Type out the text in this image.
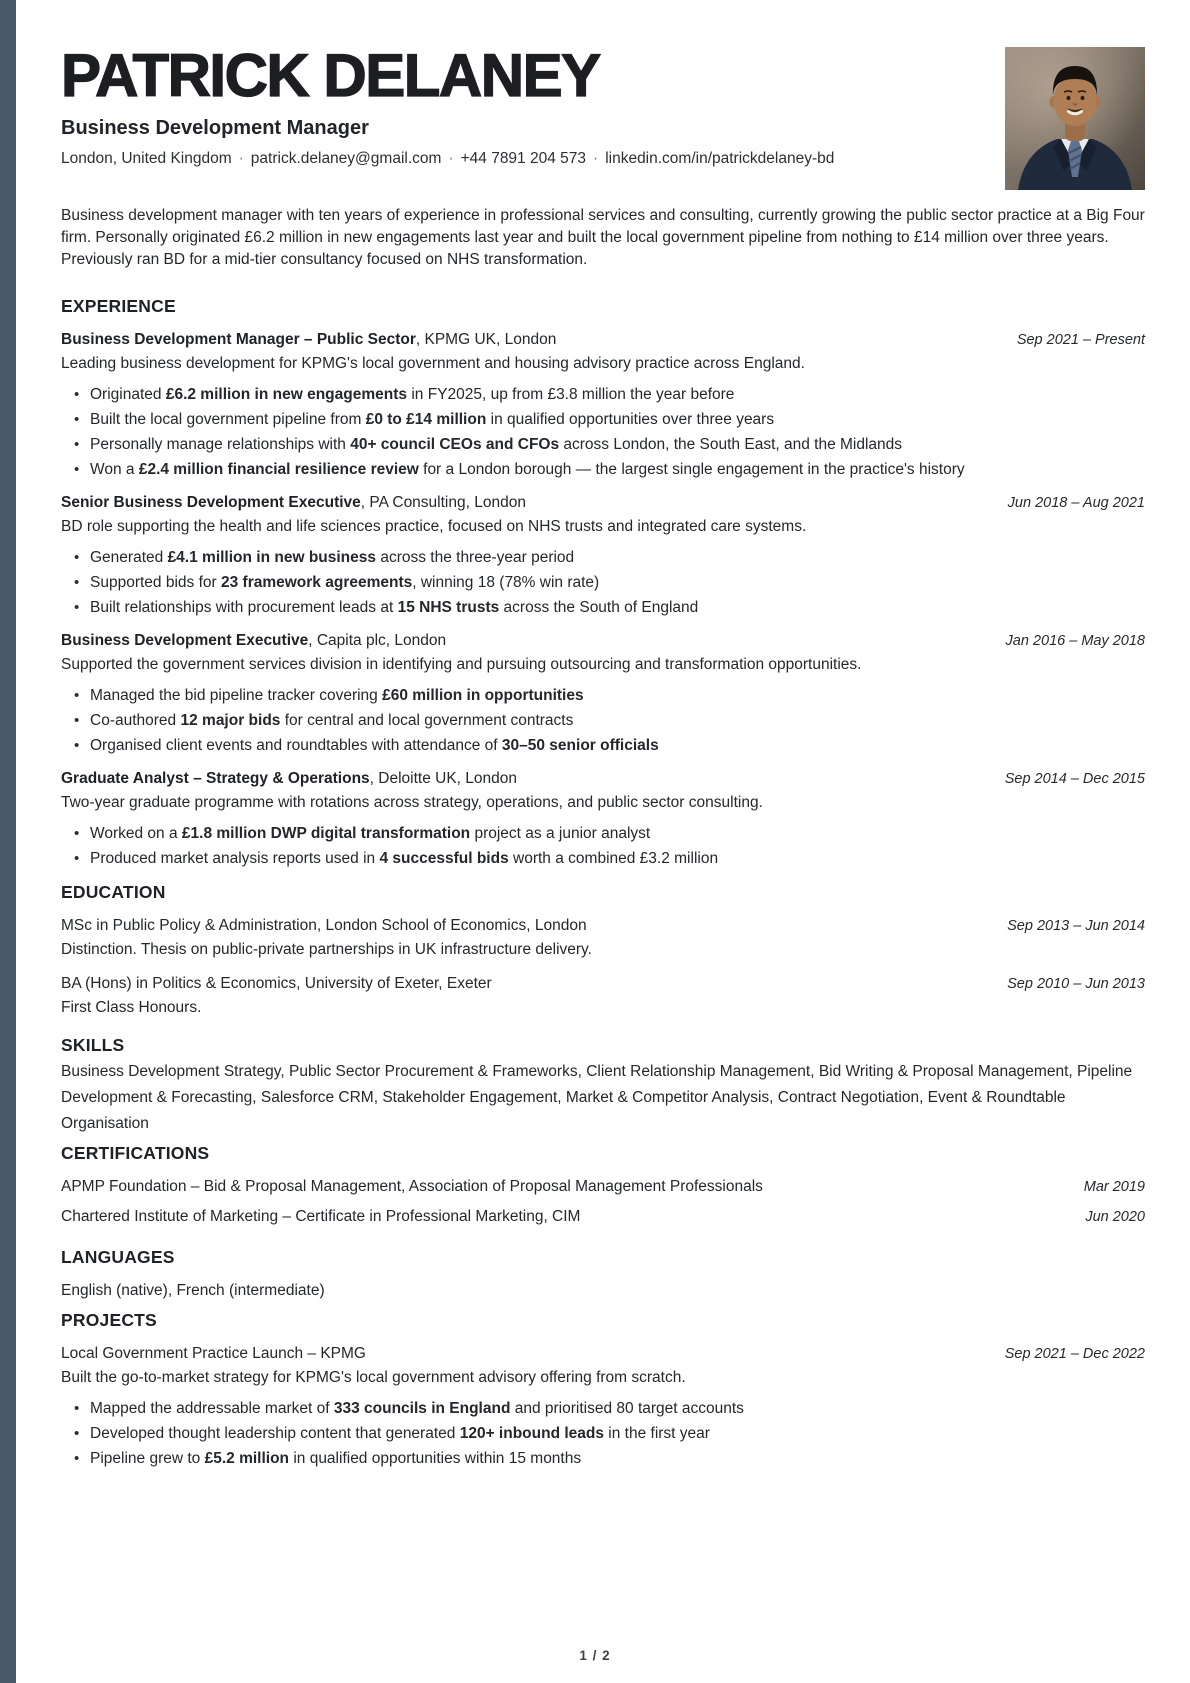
PATRICK DELANEY
Business Development Manager
London, United Kingdom · patrick.delaney@gmail.com · +44 7891 204 573 · linkedin.com/in/patrickdelaney-bd

Business development manager with ten years of experience in professional services and consulting, currently growing the public sector practice at a Big Four firm. Personally originated £6.2 million in new engagements last year and built the local government pipeline from nothing to £14 million over three years. Previously ran BD for a mid-tier consultancy focused on NHS transformation.

EXPERIENCE
Business Development Manager – Public Sector, KPMG UK, London	Sep 2021 – Present
Leading business development for KPMG's local government and housing advisory practice across England.
• Originated £6.2 million in new engagements in FY2025, up from £3.8 million the year before
• Built the local government pipeline from £0 to £14 million in qualified opportunities over three years
• Personally manage relationships with 40+ council CEOs and CFOs across London, the South East, and the Midlands
• Won a £2.4 million financial resilience review for a London borough — the largest single engagement in the practice's history
Senior Business Development Executive, PA Consulting, London	Jun 2018 – Aug 2021
BD role supporting the health and life sciences practice, focused on NHS trusts and integrated care systems.
• Generated £4.1 million in new business across the three-year period
• Supported bids for 23 framework agreements, winning 18 (78% win rate)
• Built relationships with procurement leads at 15 NHS trusts across the South of England
Business Development Executive, Capita plc, London	Jan 2016 – May 2018
Supported the government services division in identifying and pursuing outsourcing and transformation opportunities.
• Managed the bid pipeline tracker covering £60 million in opportunities
• Co-authored 12 major bids for central and local government contracts
• Organised client events and roundtables with attendance of 30–50 senior officials
Graduate Analyst – Strategy & Operations, Deloitte UK, London	Sep 2014 – Dec 2015
Two-year graduate programme with rotations across strategy, operations, and public sector consulting.
• Worked on a £1.8 million DWP digital transformation project as a junior analyst
• Produced market analysis reports used in 4 successful bids worth a combined £3.2 million
EDUCATION
MSc in Public Policy & Administration, London School of Economics, London	Sep 2013 – Jun 2014
Distinction. Thesis on public-private partnerships in UK infrastructure delivery.
BA (Hons) in Politics & Economics, University of Exeter, Exeter	Sep 2010 – Jun 2013
First Class Honours.
SKILLS

Business Development Strategy, Public Sector Procurement & Frameworks, Client Relationship Management, Bid Writing & Proposal Management, Pipeline Development & Forecasting, Salesforce CRM, Stakeholder Engagement, Market & Competitor Analysis, Contract Negotiation, Event & Roundtable Organisation

CERTIFICATIONS
APMP Foundation – Bid & Proposal Management, Association of Proposal Management Professionals	Mar 2019
Chartered Institute of Marketing – Certificate in Professional Marketing, CIM	Jun 2020
LANGUAGES

English (native), French (intermediate)

PROJECTS
Local Government Practice Launch – KPMG	Sep 2021 – Dec 2022
Built the go-to-market strategy for KPMG's local government advisory offering from scratch.
• Mapped the addressable market of 333 councils in England and prioritised 80 target accounts
• Developed thought leadership content that generated 120+ inbound leads in the first year
• Pipeline grew to £5.2 million in qualified opportunities within 15 months
1 / 2
